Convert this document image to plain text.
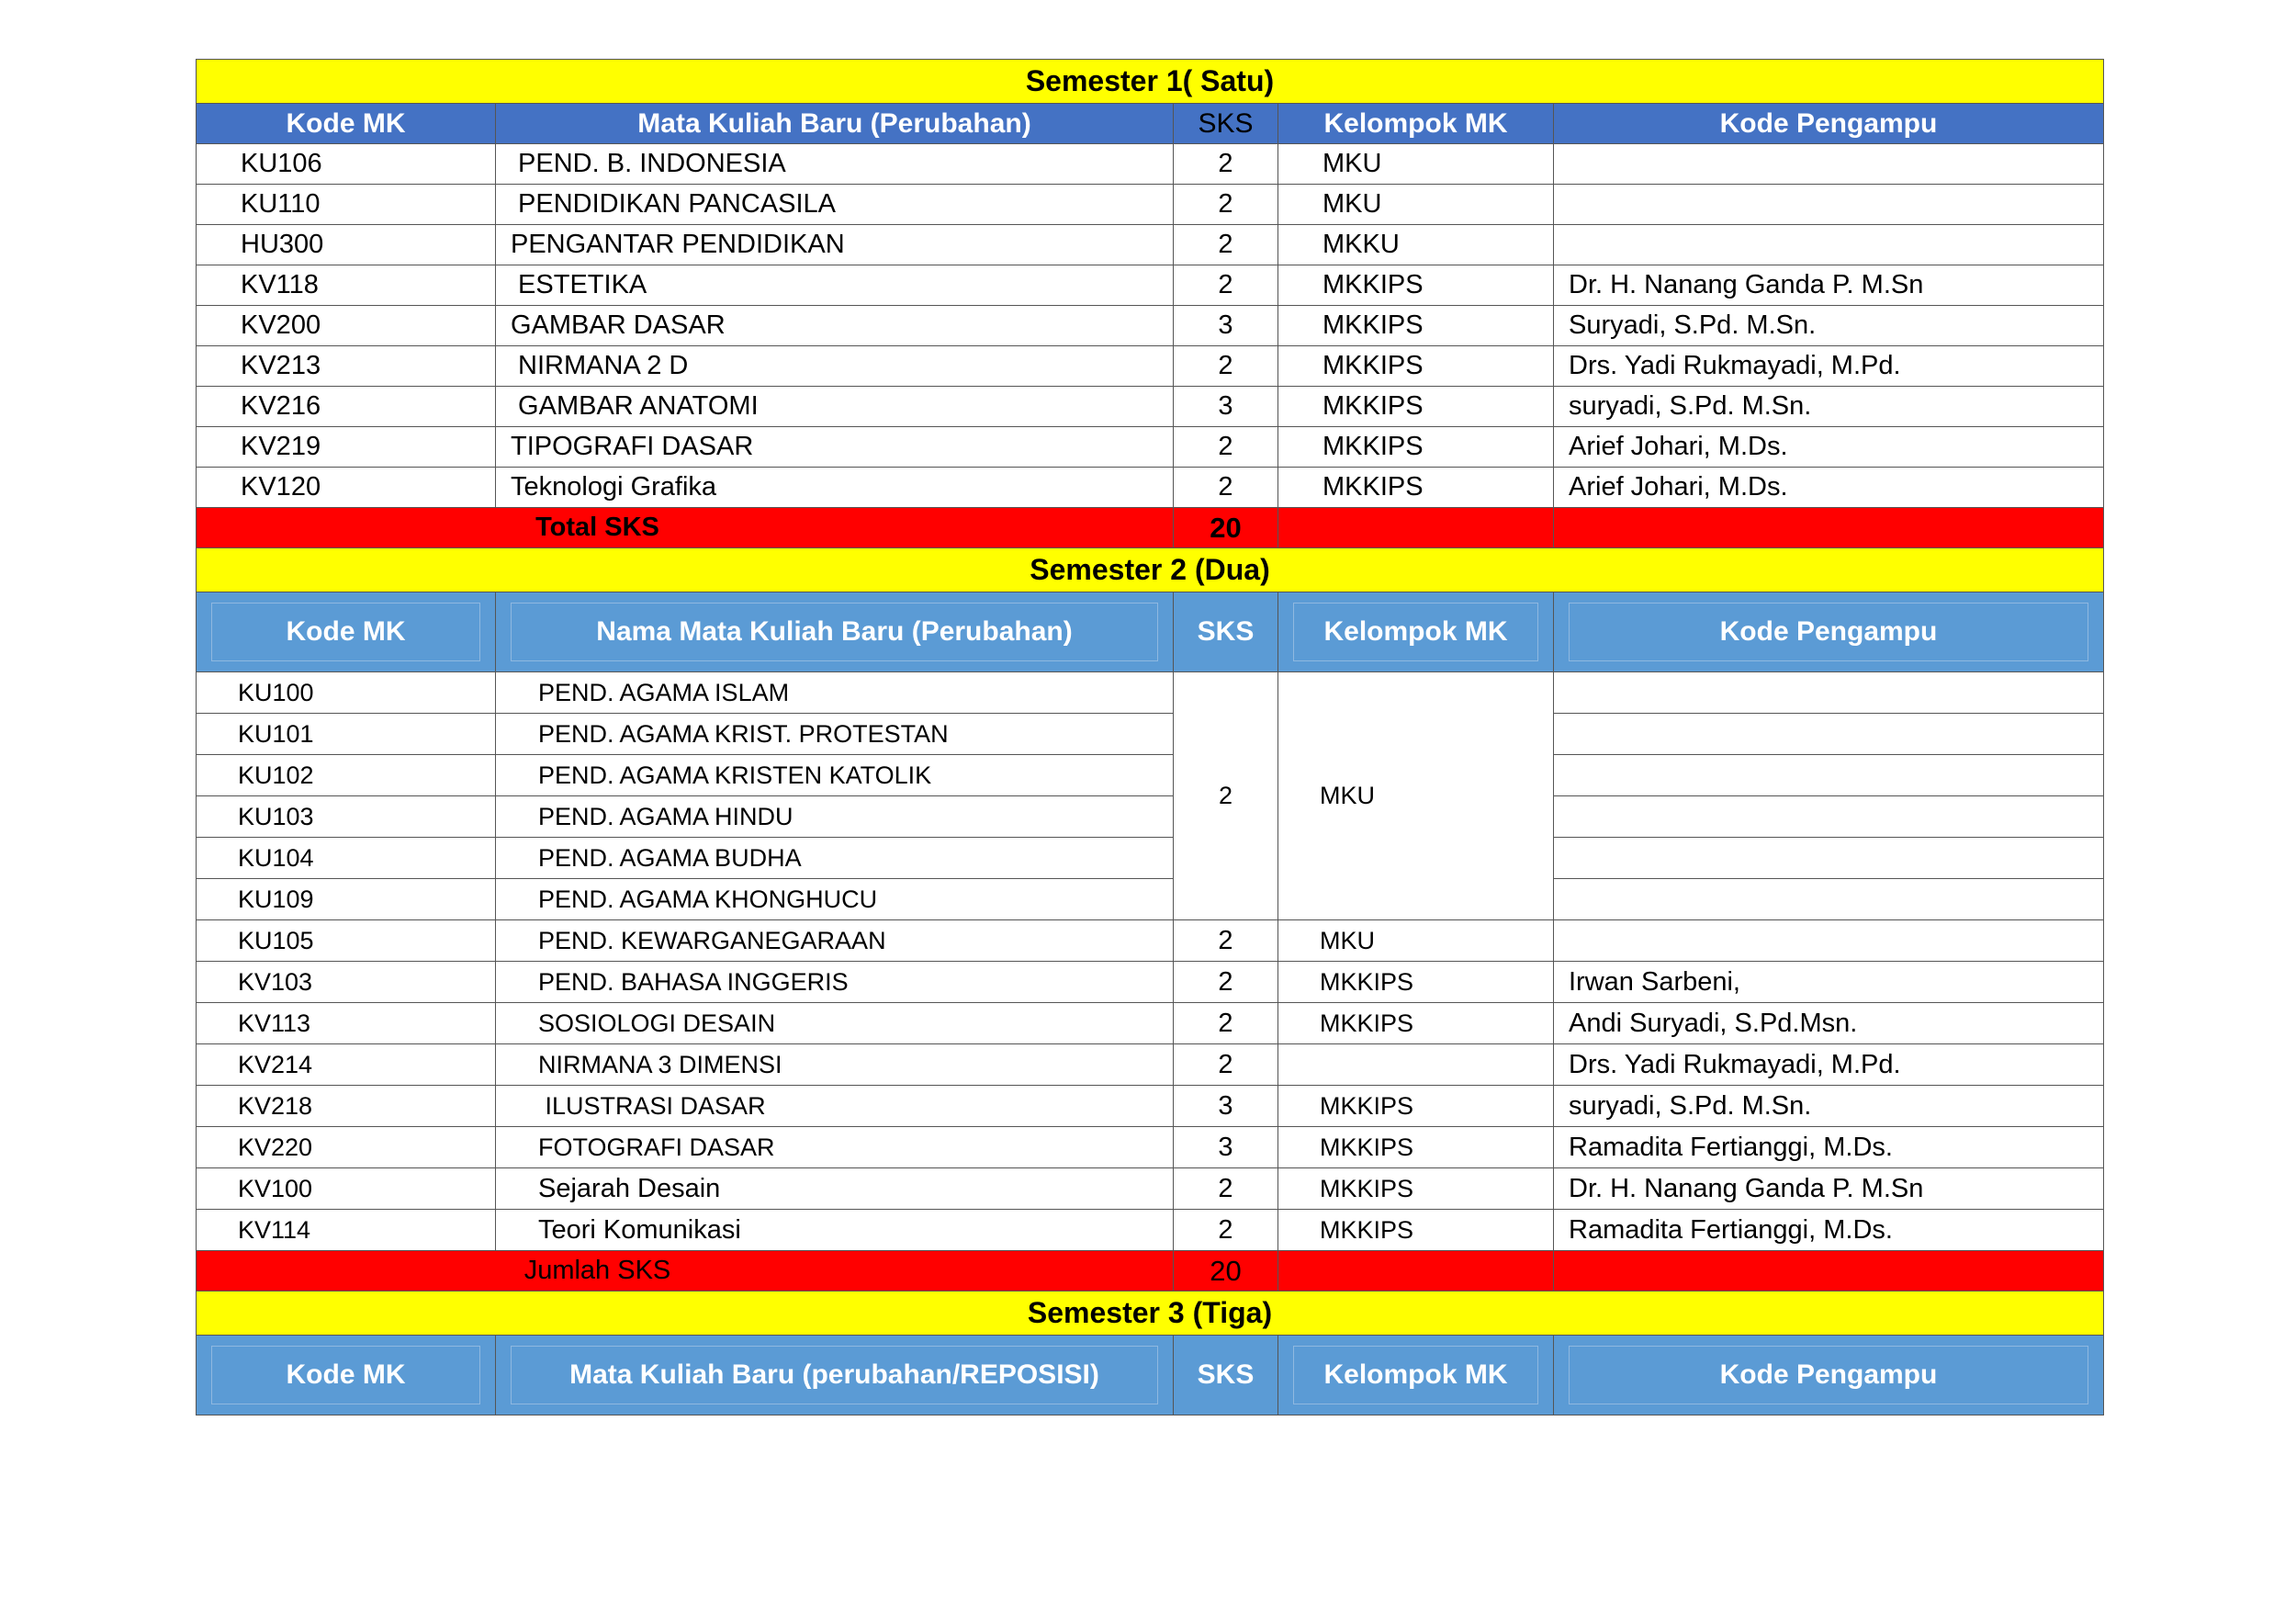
Semester 1( Satu)				
Kode MK	Mata Kuliah Baru (Perubahan)	SKS	Kelompok MK	Kode Pengampu
KU106	PEND. B. INDONESIA	2	MKU	
KU110	PENDIDIKAN PANCASILA	2	MKU	
HU300	PENGANTAR PENDIDIKAN	2	MKKU	
KV118	ESTETIKA	2	MKKIPS	Dr. H. Nanang Ganda P. M.Sn
KV200	GAMBAR DASAR	3	MKKIPS	Suryadi, S.Pd. M.Sn.
KV213	NIRMANA 2 D	2	MKKIPS	Drs. Yadi Rukmayadi, M.Pd.
KV216	GAMBAR ANATOMI	3	MKKIPS	suryadi, S.Pd. M.Sn.
KV219	TIPOGRAFI DASAR	2	MKKIPS	Arief Johari, M.Ds.
KV120	Teknologi Grafika	2	MKKIPS	Arief Johari, M.Ds.
Total SKS		20		
Semester 2 (Dua)				

Kode MK	Nama Mata Kuliah Baru (Perubahan)	SKS	Kelompok MK	Kode Pengampu

KU100	PEND. AGAMA ISLAM	2	MKU	
KU101	PEND. AGAMA KRIST. PROTESTAN			
KU102	PEND. AGAMA KRISTEN KATOLIK			
KU103	PEND. AGAMA HINDU			
KU104	PEND. AGAMA BUDHA			
KU109	PEND. AGAMA KHONGHUCU			
KU105	PEND. KEWARGANEGARAAN	2	MKU	
KV103	PEND. BAHASA INGGERIS	2	MKKIPS	Irwan Sarbeni,
KV113	SOSIOLOGI DESAIN	2	MKKIPS	Andi Suryadi, S.Pd.Msn.
KV214	NIRMANA 3 DIMENSI	2		Drs. Yadi Rukmayadi, M.Pd.
KV218	ILUSTRASI DASAR	3	MKKIPS	suryadi, S.Pd. M.Sn.
KV220	FOTOGRAFI DASAR	3	MKKIPS	Ramadita Fertianggi, M.Ds.
KV100	Sejarah Desain	2	MKKIPS	Dr. H. Nanang Ganda P. M.Sn
KV114	Teori Komunikasi	2	MKKIPS	Ramadita Fertianggi, M.Ds.
Jumlah SKS		20		
Semester 3 (Tiga)				

Kode MK	Mata Kuliah Baru (perubahan/REPOSISI)	SKS	Kelompok MK	Kode Pengampu
